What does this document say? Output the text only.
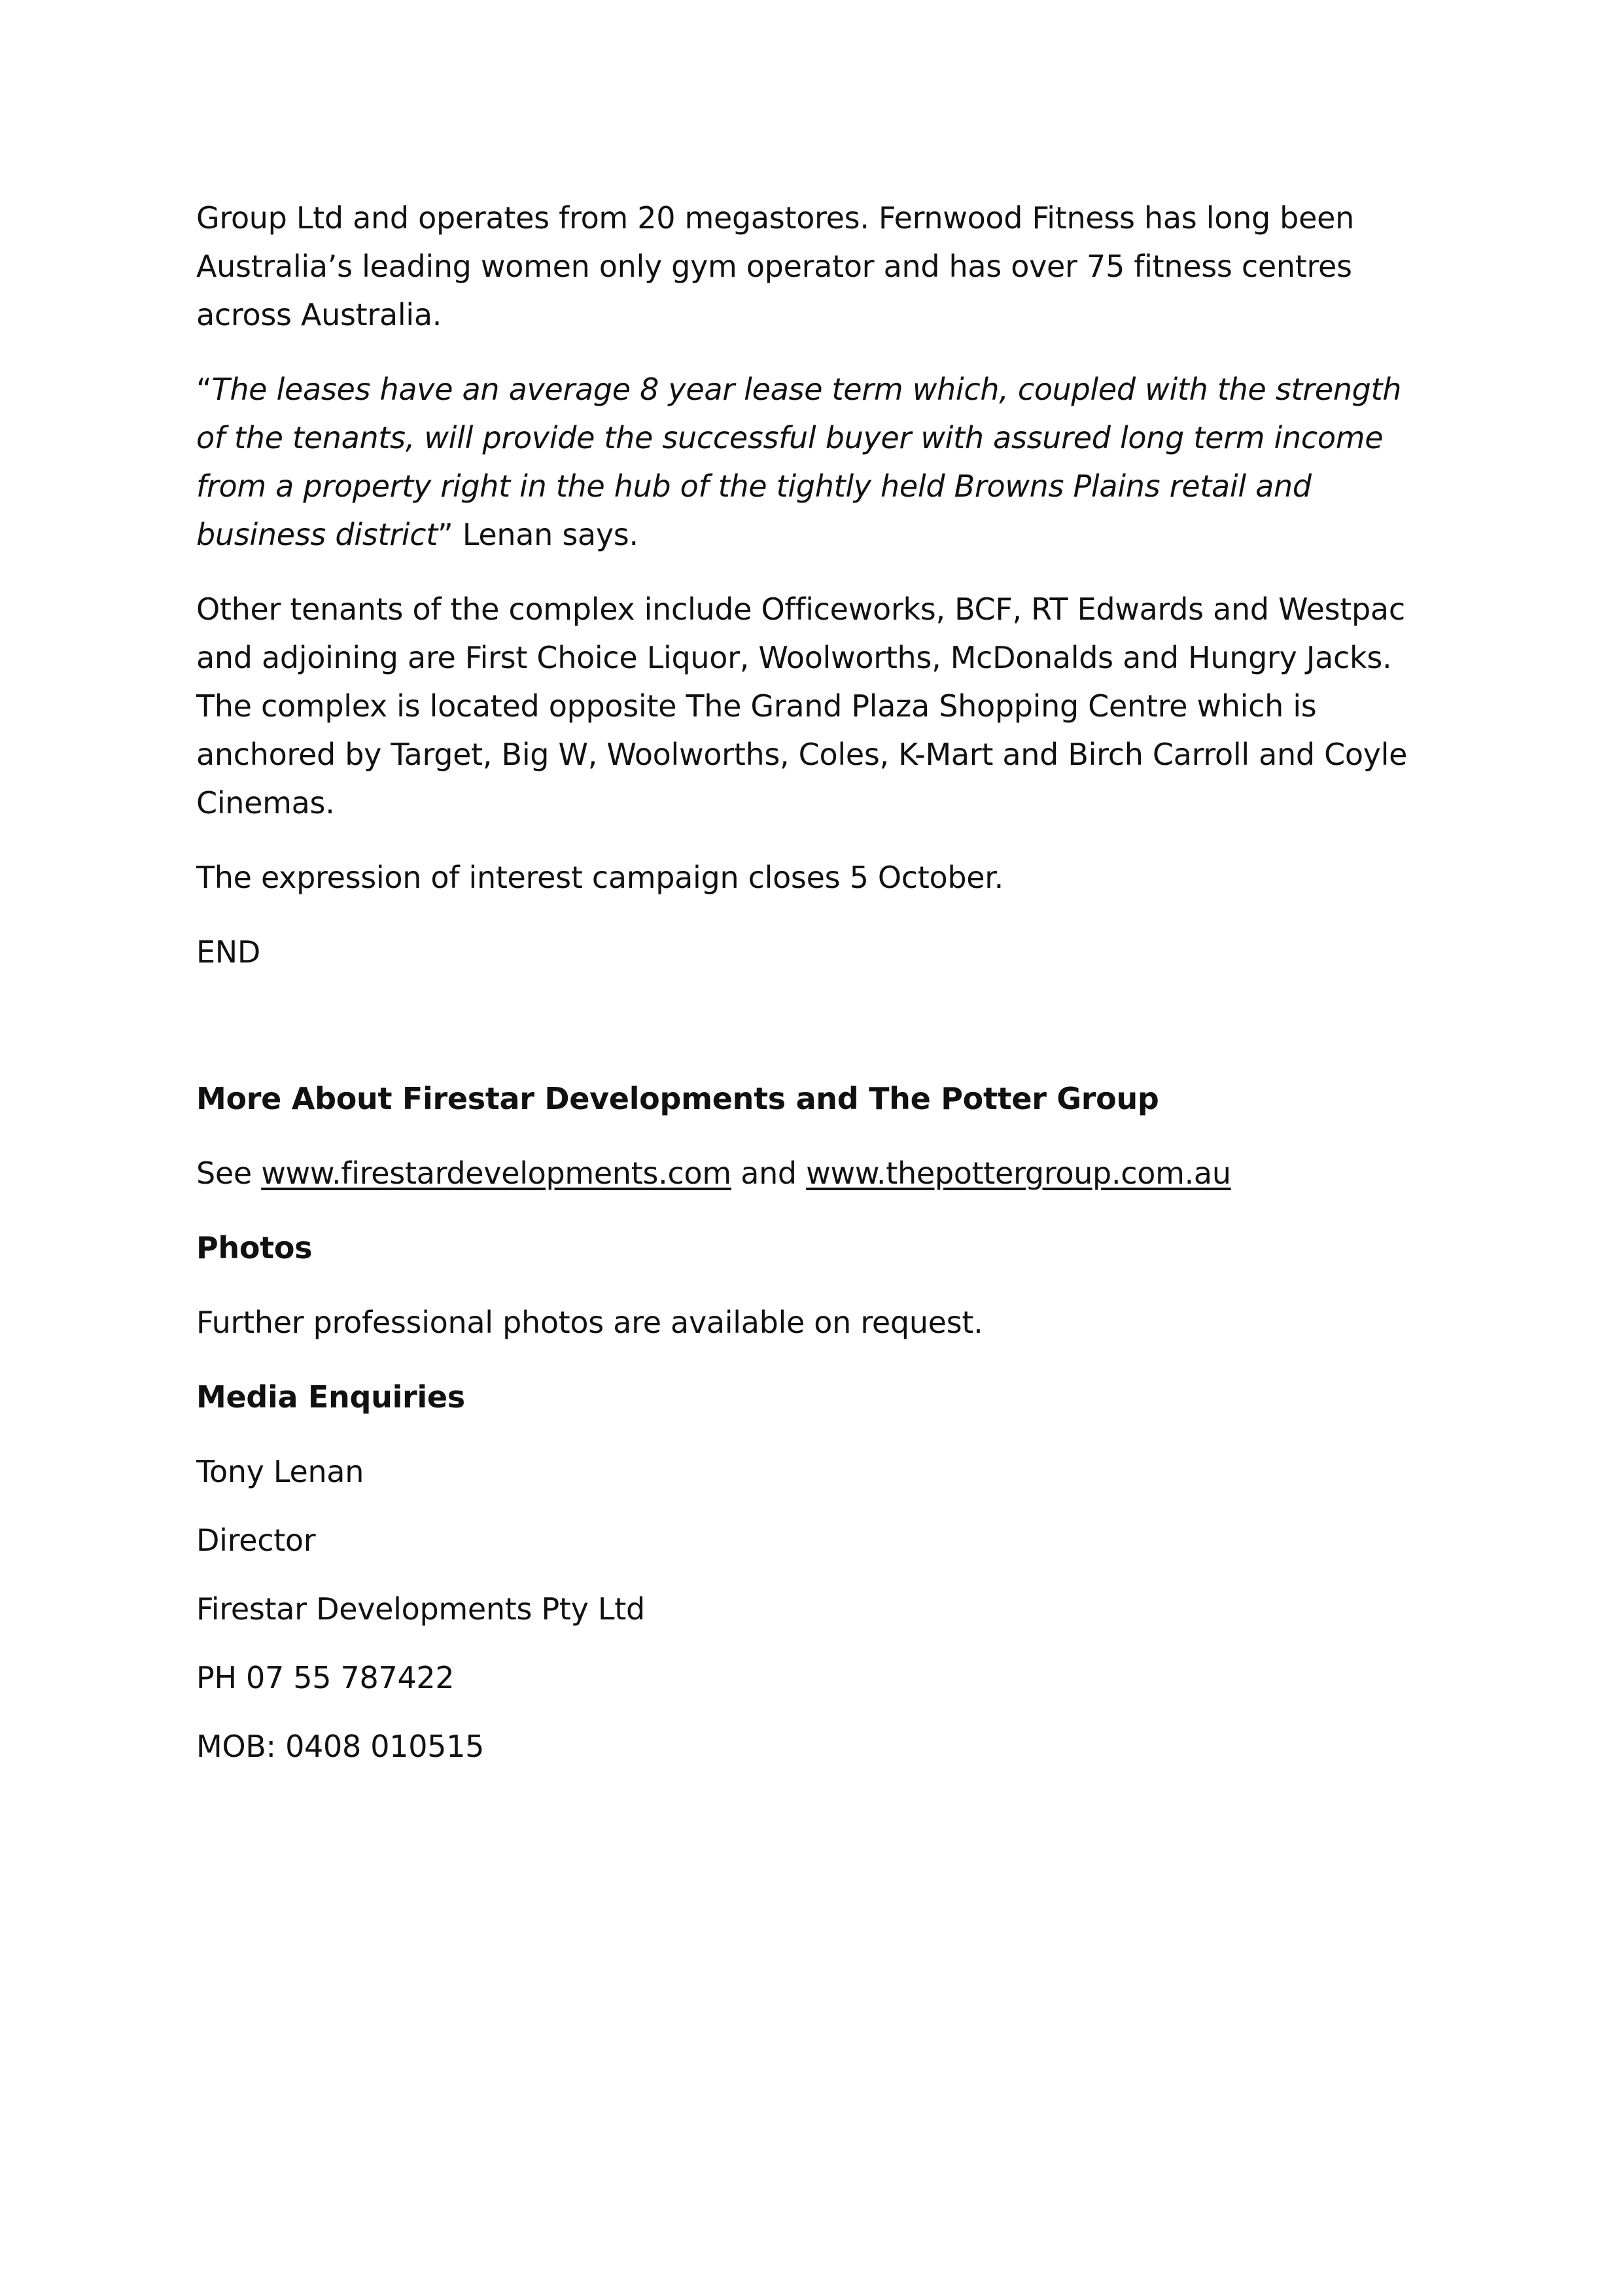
Group Ltd and operates from 20 megastores. Fernwood Fitness has long been Australia’s leading women only gym operator and has over 75 fitness centres across Australia.

“The leases have an average 8 year lease term which, coupled with the strength of the tenants, will provide the successful buyer with assured long term income from a property right in the hub of the tightly held Browns Plains retail and business district” Lenan says.

Other tenants of the complex include Officeworks, BCF, RT Edwards and Westpac and adjoining are First Choice Liquor, Woolworths, McDonalds and Hungry Jacks. The complex is located opposite The Grand Plaza Shopping Centre which is anchored by Target, Big W, Woolworths, Coles, K-Mart and Birch Carroll and Coyle Cinemas.

The expression of interest campaign closes 5 October.

END

More About Firestar Developments and The Potter Group

See www.firestardevelopments.com and www.thepottergroup.com.au

Photos

Further professional photos are available on request.

Media Enquiries

Tony Lenan

Director

Firestar Developments Pty Ltd

PH 07 55 787422

MOB: 0408 010515
